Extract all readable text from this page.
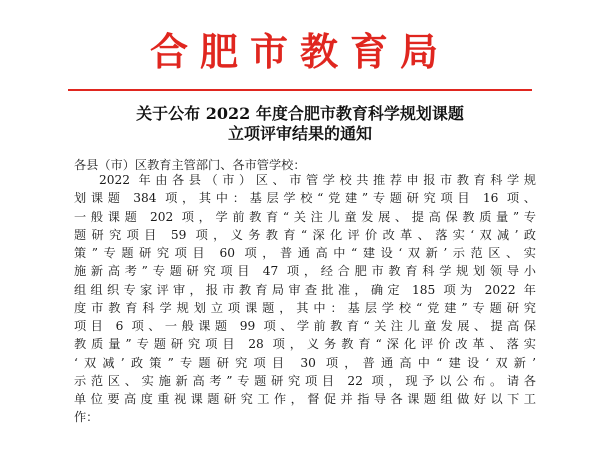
合肥市教育局
关于公布 2022 年度合肥市教育科学规划课题
立项评审结果的通知
各县（市）区教育主管部门、各市管学校：
2022 年由各县（市）区、市管学校共推荐申报市教育科学规
划课题 384 项，其中：基层学校“党建”专题研究项目 16 项、
一般课题 202 项，学前教育“关注儿童发展、提高保教质量”专
题研究项目 59 项，义务教育“深化评价改革、落实‘双减’政
策”专题研究项目 60 项，普通高中“建设‘双新’示范区、实
施新高考”专题研究项目 47 项，经合肥市教育科学规划领导小
组组织专家评审，报市教育局审查批准，确定 185 项为 2022 年
度市教育科学规划立项课题，其中：基层学校“党建”专题研究
项目 6 项、一般课题 99 项、学前教育“关注儿童发展、提高保
教质量”专题研究项目 28 项，义务教育“深化评价改革、落实
‘双减’政策”专题研究项目 30 项，普通高中“建设‘双新’
示范区、实施新高考”专题研究项目 22 项，现予以公布。请各
单位要高度重视课题研究工作，督促并指导各课题组做好以下工
作：
